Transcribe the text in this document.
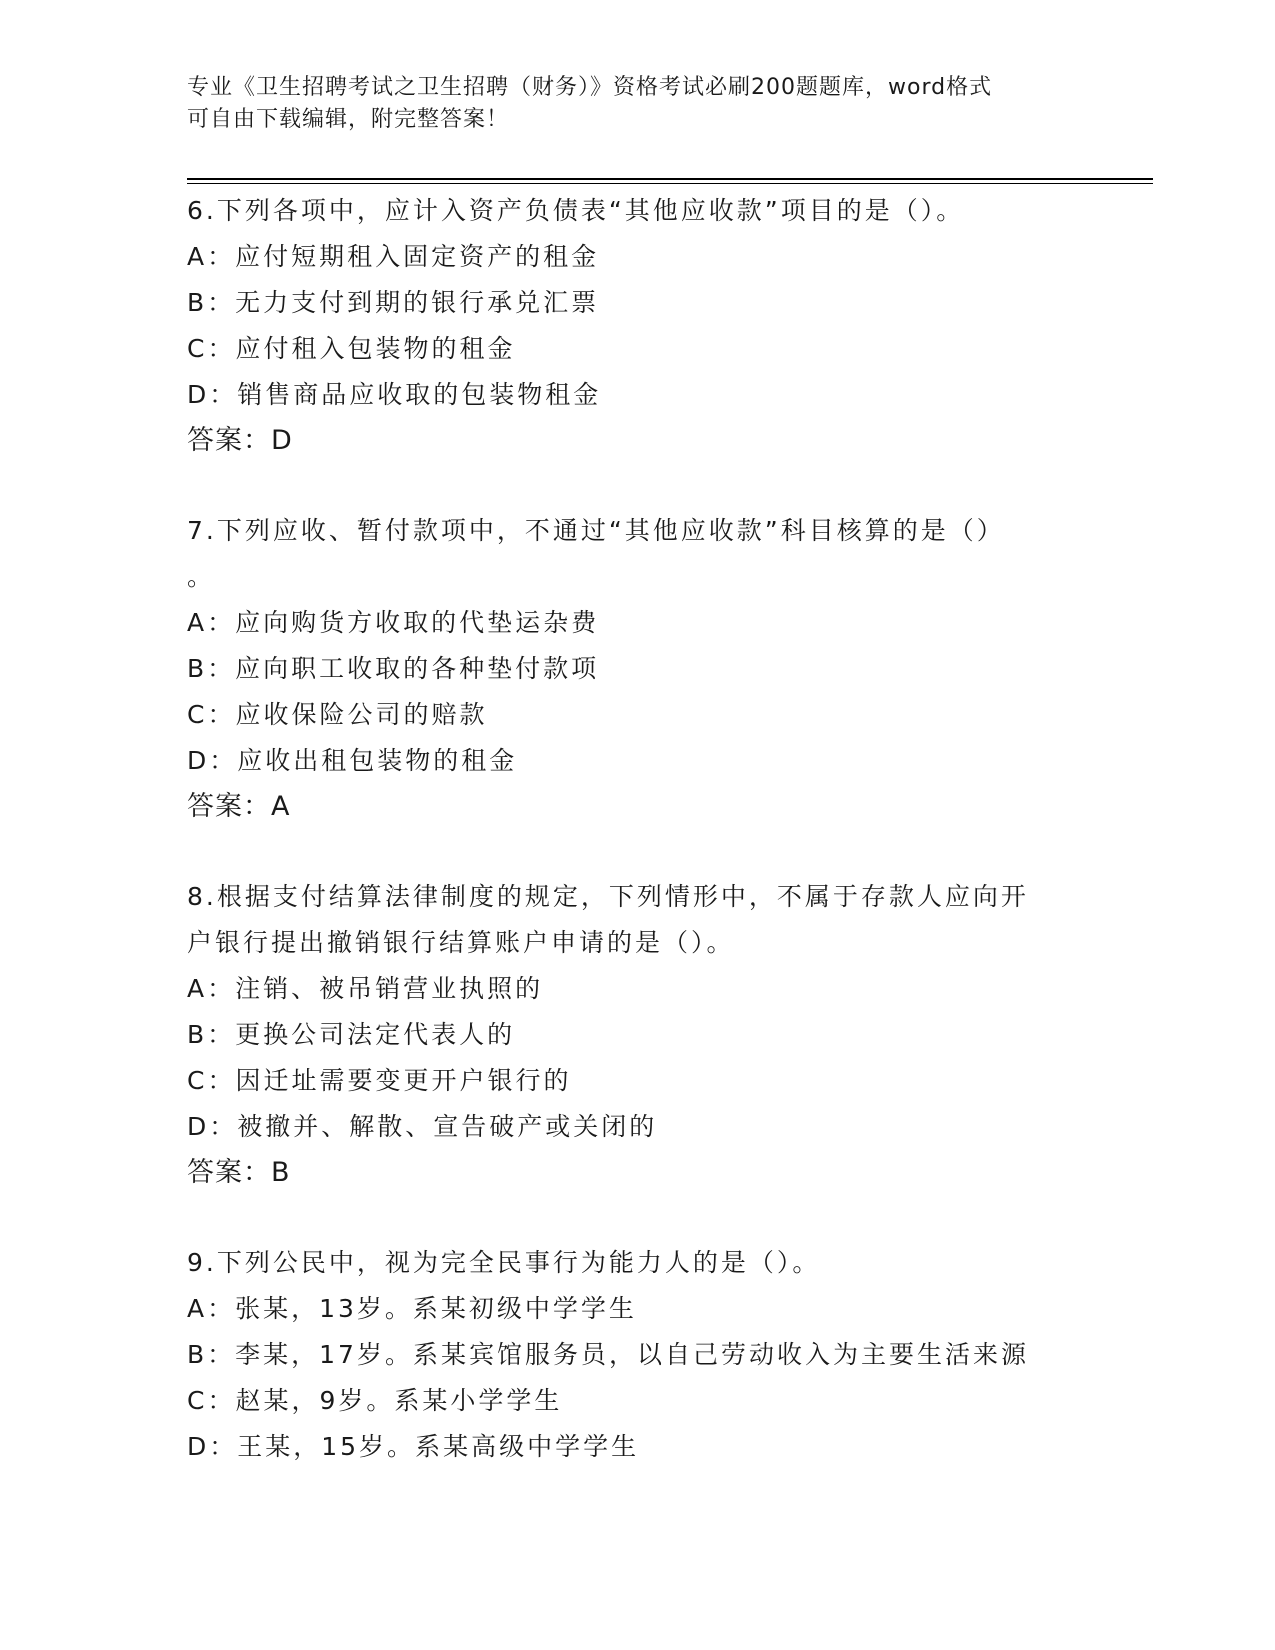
专业《卫生招聘考试之卫生招聘（财务）》资格考试必刷200题题库，word格式
可自由下载编辑，附完整答案！
6.下列各项中，应计入资产负债表“其他应收款”项目的是（）。
A：应付短期租入固定资产的租金
B：无力支付到期的银行承兑汇票
C：应付租入包装物的租金
D：销售商品应收取的包装物租金
答案：D
7.下列应收、暂付款项中，不通过“其他应收款”科目核算的是（）
。
A：应向购货方收取的代垫运杂费
B：应向职工收取的各种垫付款项
C：应收保险公司的赔款
D：应收出租包装物的租金
答案：A
8.根据支付结算法律制度的规定，下列情形中，不属于存款人应向开
户银行提出撤销银行结算账户申请的是（）。
A：注销、被吊销营业执照的
B：更换公司法定代表人的
C：因迁址需要变更开户银行的
D：被撤并、解散、宣告破产或关闭的
答案：B
9.下列公民中，视为完全民事行为能力人的是（）。
A：张某，13岁。系某初级中学学生
B：李某，17岁。系某宾馆服务员，以自己劳动收入为主要生活来源
C：赵某，9岁。系某小学学生
D：王某，15岁。系某高级中学学生
